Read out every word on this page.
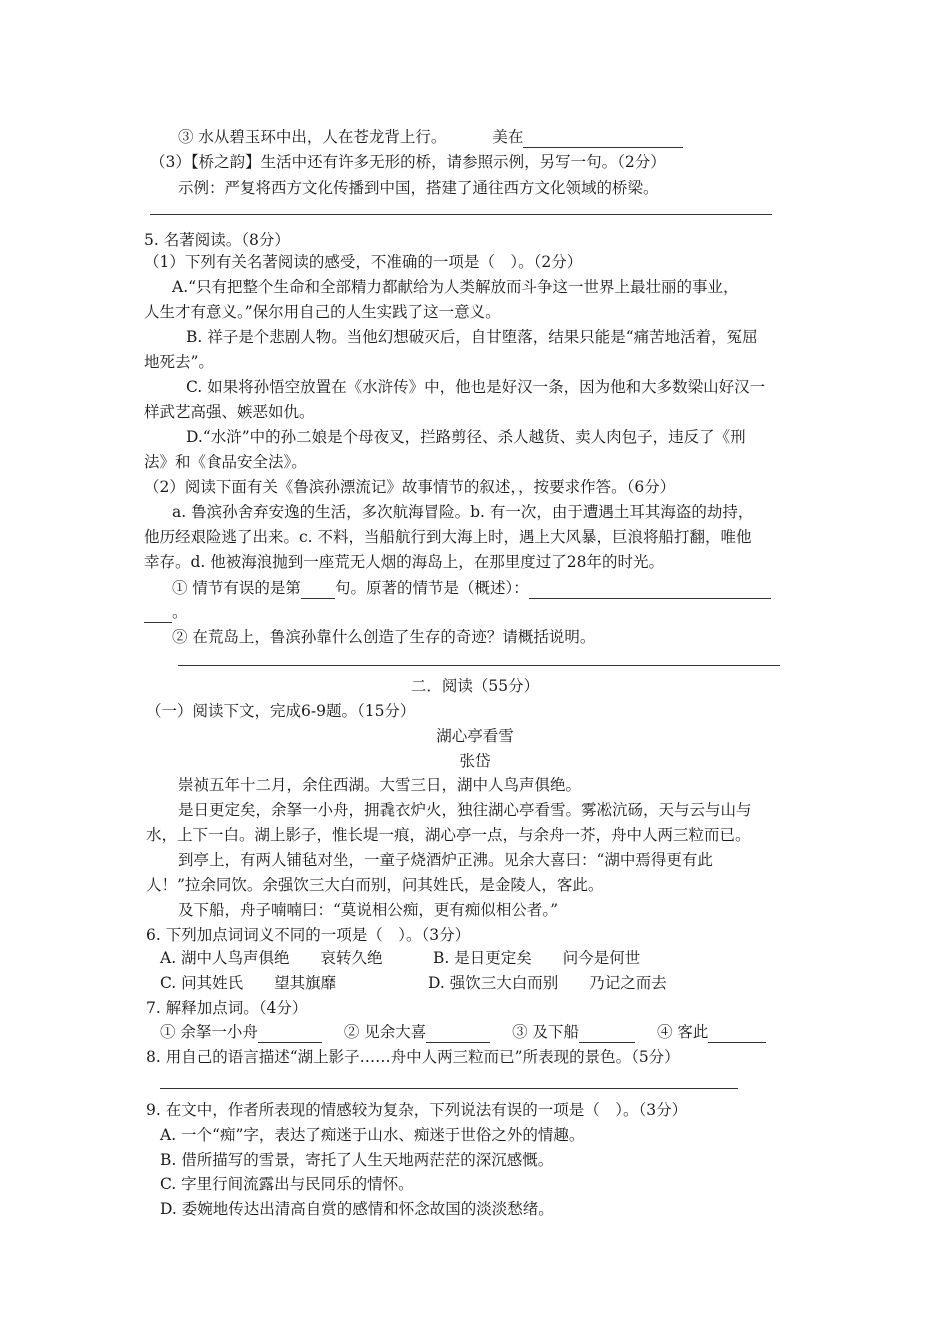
③ 水从碧玉环中出，人在苍龙背上行。	美在
（3）【桥之韵】生活中还有许多无形的桥，请参照示例，另写一句。（2分）
示例：严复将西方文化传播到中国，搭建了通往西方文化领域的桥梁。
5. 名著阅读。（8分）
（1）下列有关名著阅读的感受，不准确的一项是（　）。（2分）
A.“只有把整个生命和全部精力都献给为人类解放而斗争这一世界上最壮丽的事业，
人生才有意义。”保尔用自己的人生实践了这一意义。
B. 祥子是个悲剧人物。当他幻想破灭后，自甘堕落，结果只能是“痛苦地活着，冤屈
地死去”。
C. 如果将孙悟空放置在《水浒传》中，他也是好汉一条，因为他和大多数梁山好汉一
样武艺高强、嫉恶如仇。
D.“水浒”中的孙二娘是个母夜叉，拦路剪径、杀人越货、卖人肉包子，违反了《刑
法》和《食品安全法》。
（2）阅读下面有关《鲁滨孙漂流记》故事情节的叙述，，按要求作答。（6分）
a. 鲁滨孙舍弃安逸的生活，多次航海冒险。b. 有一次，由于遭遇土耳其海盗的劫持，
他历经艰险逃了出来。c. 不料，当船航行到大海上时，遇上大风暴，巨浪将船打翻，唯他
幸存。d. 他被海浪抛到一座荒无人烟的海岛上，在那里度过了28年的时光。
① 情节有误的是第 句。原著的情节是（概述）：
。
② 在荒岛上，鲁滨孙靠什么创造了生存的奇迹？请概括说明。
二．阅读（55分）
（一）阅读下文，完成6-9题。（15分）
湖心亭看雪
张岱
崇祯五年十二月，余住西湖。大雪三日，湖中人鸟声俱绝。
是日更定矣，余拏一小舟，拥毳衣炉火，独往湖心亭看雪。雾凇沆砀，天与云与山与
水，上下一白。湖上影子，惟长堤一痕，湖心亭一点，与余舟一芥，舟中人两三粒而已。
到亭上，有两人铺毡对坐，一童子烧酒炉正沸。见余大喜曰：“湖中焉得更有此
人！”拉余同饮。余强饮三大白而别，问其姓氏，是金陵人，客此。
及下船，舟子喃喃曰：“莫说相公痴，更有痴似相公者。”
6. 下列加点词词义不同的一项是（　）。（3分）
A. 湖中人鸟声俱绝　　哀转久绝	B. 是日更定矣　　问今是何世
C. 问其姓氏　　望其旗靡	D. 强饮三大白而别　　乃记之而去
7. 解释加点词。（4分）
① 余拏一小舟	② 见余大喜	③ 及下船	④ 客此
8. 用自己的语言描述“湖上影子……舟中人两三粒而已”所表现的景色。（5分）
9. 在文中，作者所表现的情感较为复杂，下列说法有误的一项是（　）。（3分）
A. 一个“痴”字，表达了痴迷于山水、痴迷于世俗之外的情趣。
B. 借所描写的雪景，寄托了人生天地两茫茫的深沉感慨。
C. 字里行间流露出与民同乐的情怀。
D. 委婉地传达出清高自赏的感情和怀念故国的淡淡愁绪。
